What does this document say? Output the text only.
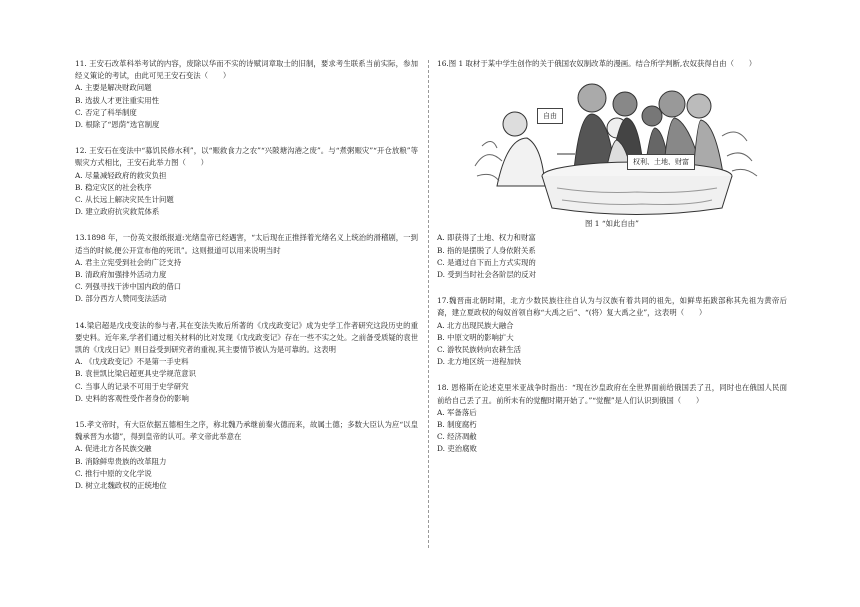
11. 王安石改革科举考试的内容，废除以华而不实的诗赋词章取士的旧制，要求考生联系当前实际，参加经义策论的考试，由此可见王安石变法（　　）

A. 主要是解决财政问题

B. 选拔人才更注重实用性

C. 否定了科举制度

D. 根除了“恩荫”选官制度

12. 王安石在变法中“募饥民修水利”，以“赈救食力之农”“兴陂塘沟港之废”。与“煮粥赈灾”“开仓放粮”等赈灾方式相比，王安石此举力图（　　）

A. 尽量减轻政府的救灾负担

B. 稳定灾区的社会秩序

C. 从长远上解决灾民生计问题

D. 建立政府抗灾救荒体系

13.1898 年，一份英文报纸报道:光绪皇帝已经遇害，“太后现在正推择着光绪名义上统治的滑稽剧，一到适当的时候,便公开宣布他的死讯”。这则报道可以用来说明当时

A. 君主立宪受到社会的广泛支持

B. 清政府加强排外活动力度

C. 列强寻找干涉中国内政的借口

D. 部分西方人赞同变法活动

14.梁启超是戊戌变法的参与者,其在变法失败后所著的《戊戌政变记》成为史学工作者研究这段历史的重要史料。近年来,学者们通过相关材料的比对发现《戊戌政变记》存在一些不实之处。之前备受质疑的袁世凯的《戊戌日记》则日益受到研究者的重视,其主要情节被认为是可靠的。这表明

A. 《戊戌政变记》不是第一手史料

B. 袁世凯比梁启超更具史学规范意识

C. 当事人的记录不可用于史学研究

D. 史料的客观性受作者身份的影响

15.孝文帝时，有大臣依据五德相生之序，称北魏乃承继前秦火德而来，故属土德；多数大臣认为应“以皇魏承晋为水德”，得到皇帝的认可。孝文帝此举意在

A. 促进北方各民族交融

B. 消除鲜卑贵族的改革阻力

C. 推行中原的文化学说

D. 树立北魏政权的正统地位

16.图 1 取材于某中学生创作的关于俄国农奴制改革的漫画。结合所学判断,农奴获得自由（　　）

自由
权利、土地、财富

图 1 “如此自由”

A. 即获得了土地、权力和财富

B. 指的是摆脱了人身依附关系

C. 是通过自下而上方式实现的

D. 受到当时社会各阶层的反对

17.魏晋南北朝时期，北方少数民族往往自认为与汉族有着共同的祖先，如鲜卑拓跋部称其先祖为黄帝后裔，建立夏政权的匈奴首领自称“大禹之后”、“(将）复大禹之业”，这表明（　　）

A. 北方出现民族大融合

B. 中原文明的影响扩大

C. 游牧民族转向农耕生活

D. 北方地区统一进程加快

18. 恩格斯在论述克里米亚战争时指出：“现在沙皇政府在全世界面前给俄国丢了丑，同时也在俄国人民面前给自己丢了丑。前所未有的觉醒时期开始了。”“觉醒”是人们认识到俄国（　　）

A. 军备落后

B. 制度腐朽

C. 经济凋敝

D. 吏治腐败
